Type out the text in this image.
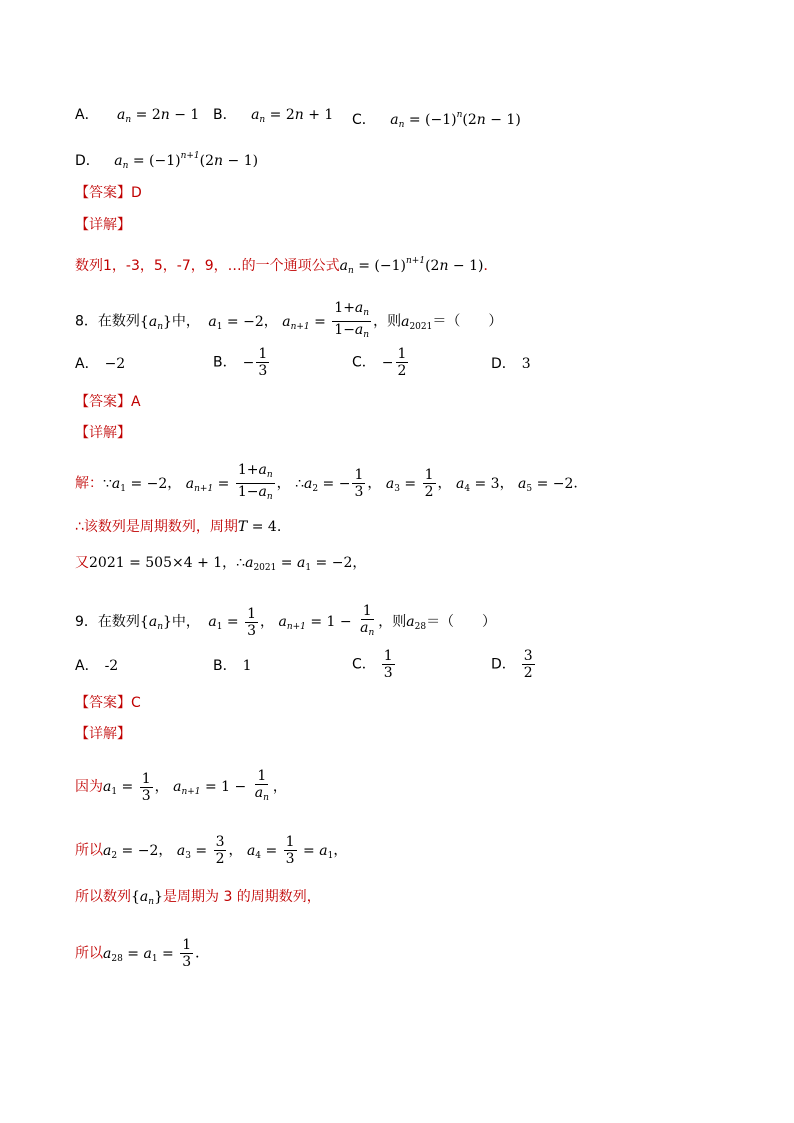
A． $a_n = 2n - 1$ B． $a_n = 2n + 1$ C． $a_n = (-1)^n(2n - 1)$
D． $a_n = (-1)^{n+1}(2n - 1)$
【答案】D
【详解】
数列1，-3，5，-7，9，…的一个通项公式$a_n = (-1)^{n+1}(2n - 1)$．
8．在数列$\{a_n\}$中， $a_1 = -2$， $a_{n+1} = \frac{1+a_n}{1-a_n}$ ，则$a_{2021}=$（　　）
A． −2	B． − $\frac{1}{3}$	C． − $\frac{1}{2}$	D． 3
【答案】A
【详解】
解：$\because a_1 = -2$， $a_{n+1} = \frac{1+a_n}{1-a_n}$ ， $\therefore a_2$ = − $\frac{1}{3}$ ， $a_3 = \frac{1}{2}$ ， $a_4 = 3$， $a_5 = -2$.
∴该数列是周期数列，周期T = 4.
又2021 = 505×4 + 1，$\therefore a_{2021} = a_1 = -2$，
9．在数列$\{a_n\}$中， $a_1 = \frac{1}{3}$ ， $a_{n+1} = 1 - \frac{1}{a_n}$ ，则$a_{28}=$（　　）
A． -2	B． 1	C． $\frac{1}{3}$	D． $\frac{3}{2}$
【答案】C
【详解】
因为$a_1 = \frac{1}{3}$ ， $a_{n+1} = 1 - \frac{1}{a_n}$ ，
所以$a_2 = -2$， $a_3 = \frac{3}{2}$ ， $a_4 = \frac{1}{3} = a_1$，
所以数列$\{a_n\}$是周期为 3 的周期数列，
所以$a_{28} = a_1 = \frac{1}{3}$ ．
